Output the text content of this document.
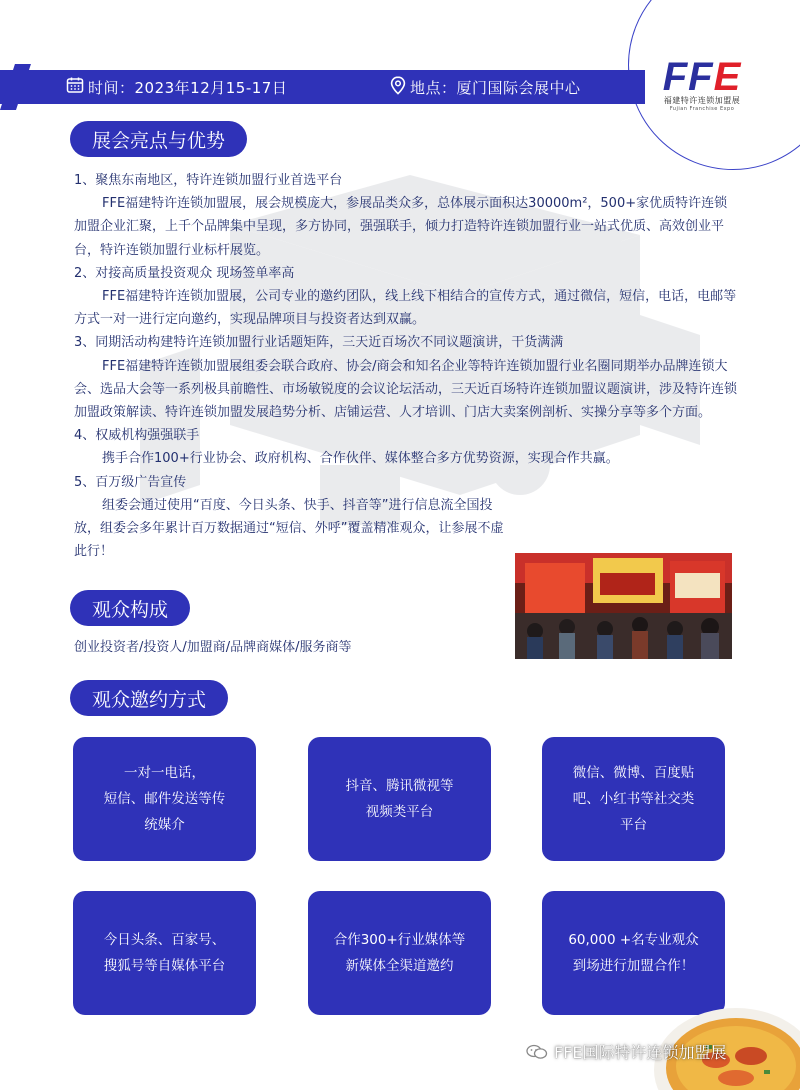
时间：2023年12月15-17日	地点：厦门国际会展中心 FFE
福建特许连锁加盟展
Fujian Franchise Expo
展会亮点与优势

1、聚焦东南地区，特许连锁加盟行业首选平台

FFE福建特许连锁加盟展，展会规模庞大，参展品类众多，总体展示面积达30000m²，500+家优质特许连锁加盟企业汇聚，上千个品牌集中呈现，多方协同，强强联手，倾力打造特许连锁加盟行业一站式优质、高效创业平台，特许连锁加盟行业标杆展览。

2、对接高质量投资观众 现场签单率高

FFE福建特许连锁加盟展，公司专业的邀约团队，线上线下相结合的宣传方式，通过微信，短信，电话，电邮等方式一对一进行定向邀约，实现品牌项目与投资者达到双赢。

3、同期活动构建特许连锁加盟行业话题矩阵，三天近百场次不同议题演讲，干货满满

FFE福建特许连锁加盟展组委会联合政府、协会/商会和知名企业等特许连锁加盟行业名圈同期举办品牌连锁大会、选品大会等一系列极具前瞻性、市场敏锐度的会议论坛活动，三天近百场特许连锁加盟议题演讲，涉及特许连锁加盟政策解读、特许连锁加盟发展趋势分析、店铺运营、人才培训、门店大卖案例剖析、实操分享等多个方面。

4、权威机构强强联手

携手合作100+行业协会、政府机构、合作伙伴、媒体整合多方优势资源，实现合作共赢。

5、百万级广告宣传

组委会通过使用“百度、今日头条、快手、抖音等”进行信息流全国投放，组委会多年累计百万数据通过“短信、外呼”覆盖精准观众，让参展不虚此行！

观众构成
创业投资者/投资人/加盟商/品牌商媒体/服务商等
观众邀约方式
一对一电话，
短信、邮件发送等传
统媒介
抖音、腾讯微视等
视频类平台
微信、微博、百度贴
吧、小红书等社交类
平台
今日头条、百家号、
搜狐号等自媒体平台
合作300+行业媒体等
新媒体全渠道邀约
60,000 +名专业观众
到场进行加盟合作！
FFE国际特许连锁加盟展
